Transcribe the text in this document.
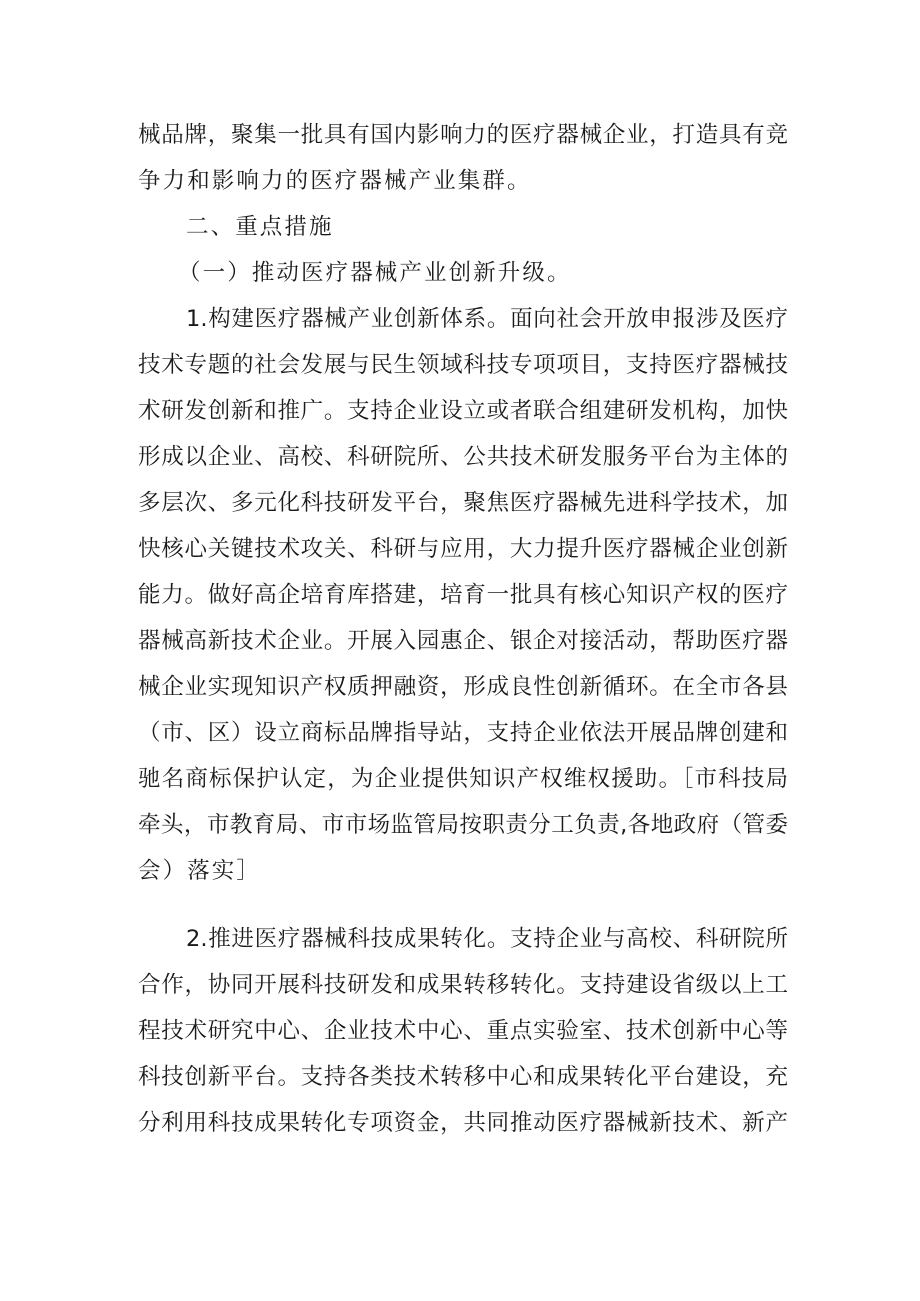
械品牌，聚集一批具有国内影响力的医疗器械企业，打造具有竞
争力和影响力的医疗器械产业集群。
二、重点措施
（一）推动医疗器械产业创新升级。
1.构建医疗器械产业创新体系。面向社会开放申报涉及医疗
技术专题的社会发展与民生领域科技专项项目，支持医疗器械技
术研发创新和推广。支持企业设立或者联合组建研发机构，加快
形成以企业、高校、科研院所、公共技术研发服务平台为主体的
多层次、多元化科技研发平台，聚焦医疗器械先进科学技术，加
快核心关键技术攻关、科研与应用，大力提升医疗器械企业创新
能力。做好高企培育库搭建，培育一批具有核心知识产权的医疗
器械高新技术企业。开展入园惠企、银企对接活动，帮助医疗器
械企业实现知识产权质押融资，形成良性创新循环。在全市各县
（市、区）设立商标品牌指导站，支持企业依法开展品牌创建和
驰名商标保护认定，为企业提供知识产权维权援助。［市科技局
牵头，市教育局、市市场监管局按职责分工负责,各地政府（管委
会）落实］
2.推进医疗器械科技成果转化。支持企业与高校、科研院所
合作，协同开展科技研发和成果转移转化。支持建设省级以上工
程技术研究中心、企业技术中心、重点实验室、技术创新中心等
科技创新平台。支持各类技术转移中心和成果转化平台建设，充
分利用科技成果转化专项资金，共同推动医疗器械新技术、新产
